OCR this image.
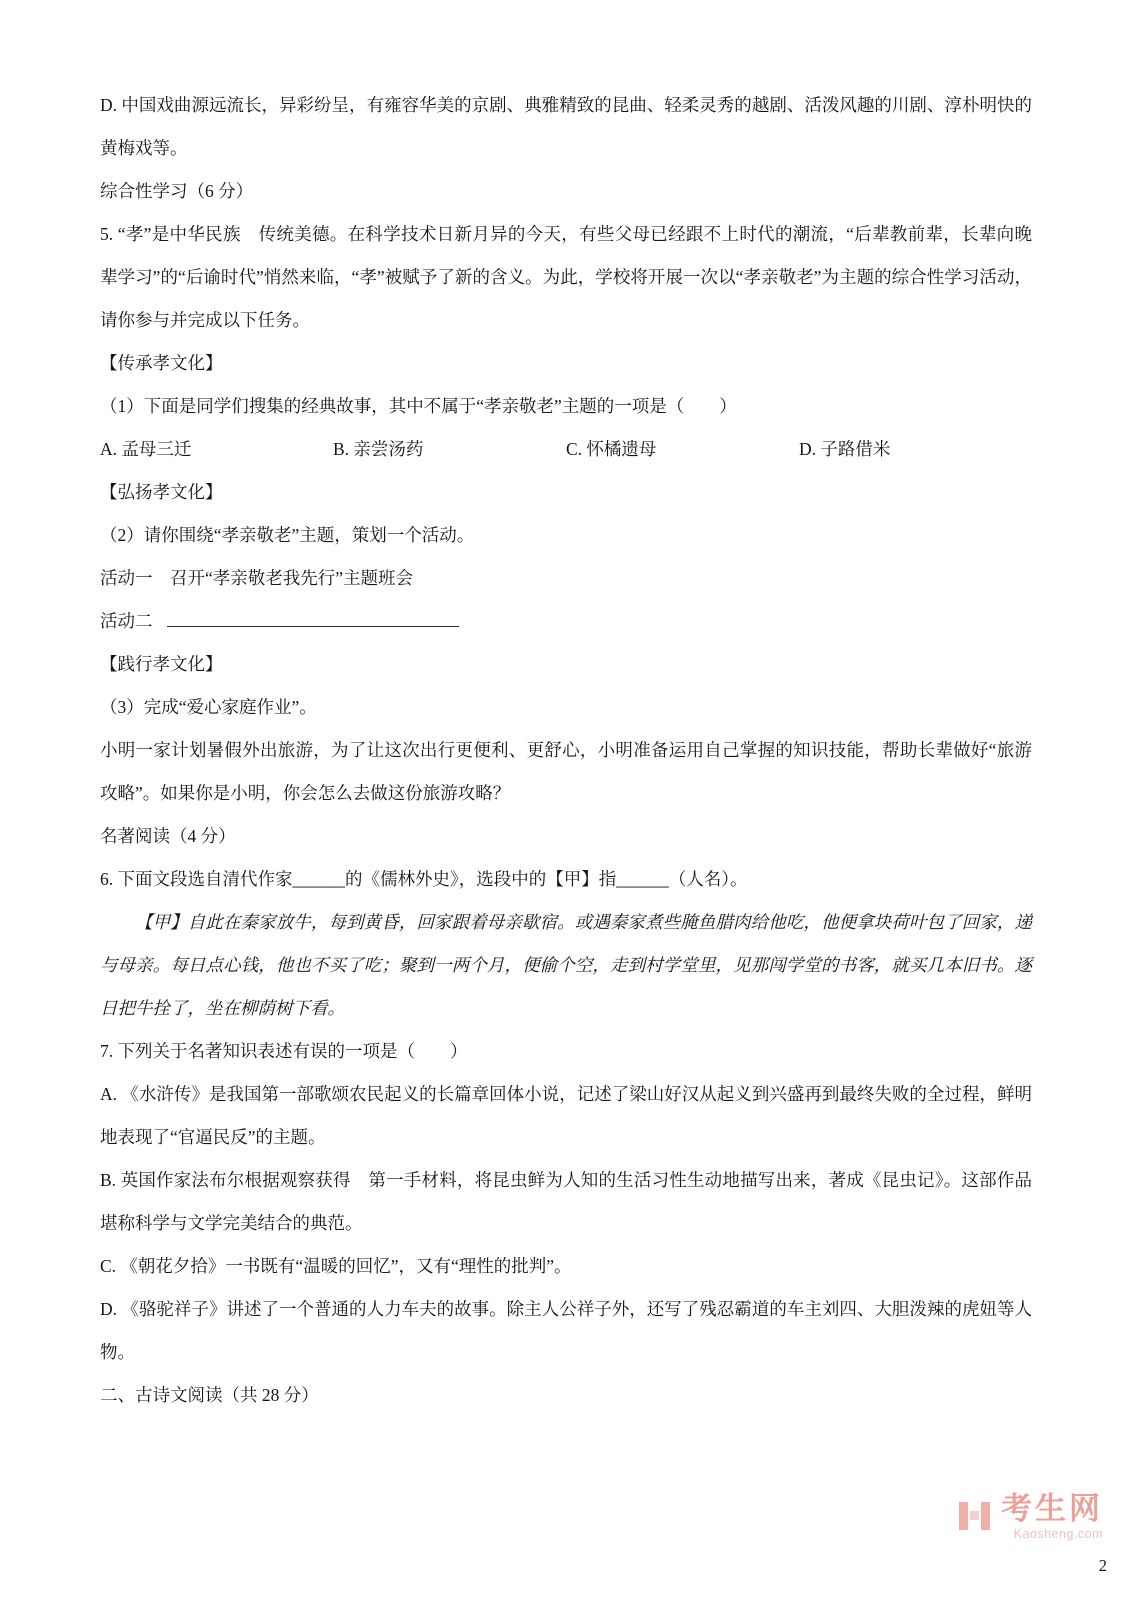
D. 中国戏曲源远流长，异彩纷呈，有雍容华美的京剧、典雅精致的昆曲、轻柔灵秀的越剧、活泼风趣的川剧、淳朴明快的黄梅戏等。

综合性学习（6 分）

5. “孝”是中华民族　传统美德。在科学技术日新月异的今天，有些父母已经跟不上时代的潮流，“后辈教前辈，长辈向晚辈学习”的“后谕时代”悄然来临，“孝”被赋予了新的含义。为此，学校将开展一次以“孝亲敬老”为主题的综合性学习活动，请你参与并完成以下任务。

【传承孝文化】

（1）下面是同学们搜集的经典故事，其中不属于“孝亲敬老”主题的一项是（　　）

A. 孟母三迁	B. 亲尝汤药	C. 怀橘遗母	D. 子路借米

【弘扬孝文化】

（2）请你围绕“孝亲敬老”主题，策划一个活动。

活动一　召开“孝亲敬老我先行”主题班会

活动二

【践行孝文化】

（3）完成“爱心家庭作业”。

小明一家计划暑假外出旅游，为了让这次出行更便利、更舒心，小明准备运用自己掌握的知识技能，帮助长辈做好“旅游攻略”。如果你是小明，你会怎么去做这份旅游攻略？

名著阅读（4 分）

6. 下面文段选自清代作家______的《儒林外史》，选段中的【甲】指______（人名）。

【甲】自此在秦家放牛，每到黄昏，回家跟着母亲歇宿。或遇秦家煮些腌鱼腊肉给他吃，他便拿块荷叶包了回家，递与母亲。每日点心钱，他也不买了吃；聚到一两个月，便偷个空，走到村学堂里，见那闯学堂的书客，就买几本旧书。逐日把牛拴了，坐在柳荫树下看。

7. 下列关于名著知识表述有误的一项是（　　）

A. 《水浒传》是我国第一部歌颂农民起义的长篇章回体小说，记述了梁山好汉从起义到兴盛再到最终失败的全过程，鲜明地表现了“官逼民反”的主题。

B. 英国作家法布尔根据观察获得　第一手材料，将昆虫鲜为人知的生活习性生动地描写出来，著成《昆虫记》。这部作品堪称科学与文学完美结合的典范。

C. 《朝花夕拾》一书既有“温暖的回忆”，又有“理性的批判”。

D. 《骆驼祥子》讲述了一个普通的人力车夫的故事。除主人公祥子外，还写了残忍霸道的车主刘四、大胆泼辣的虎妞等人物。

二、古诗文阅读（共 28 分）
考生网
Kaosheng.com
2
